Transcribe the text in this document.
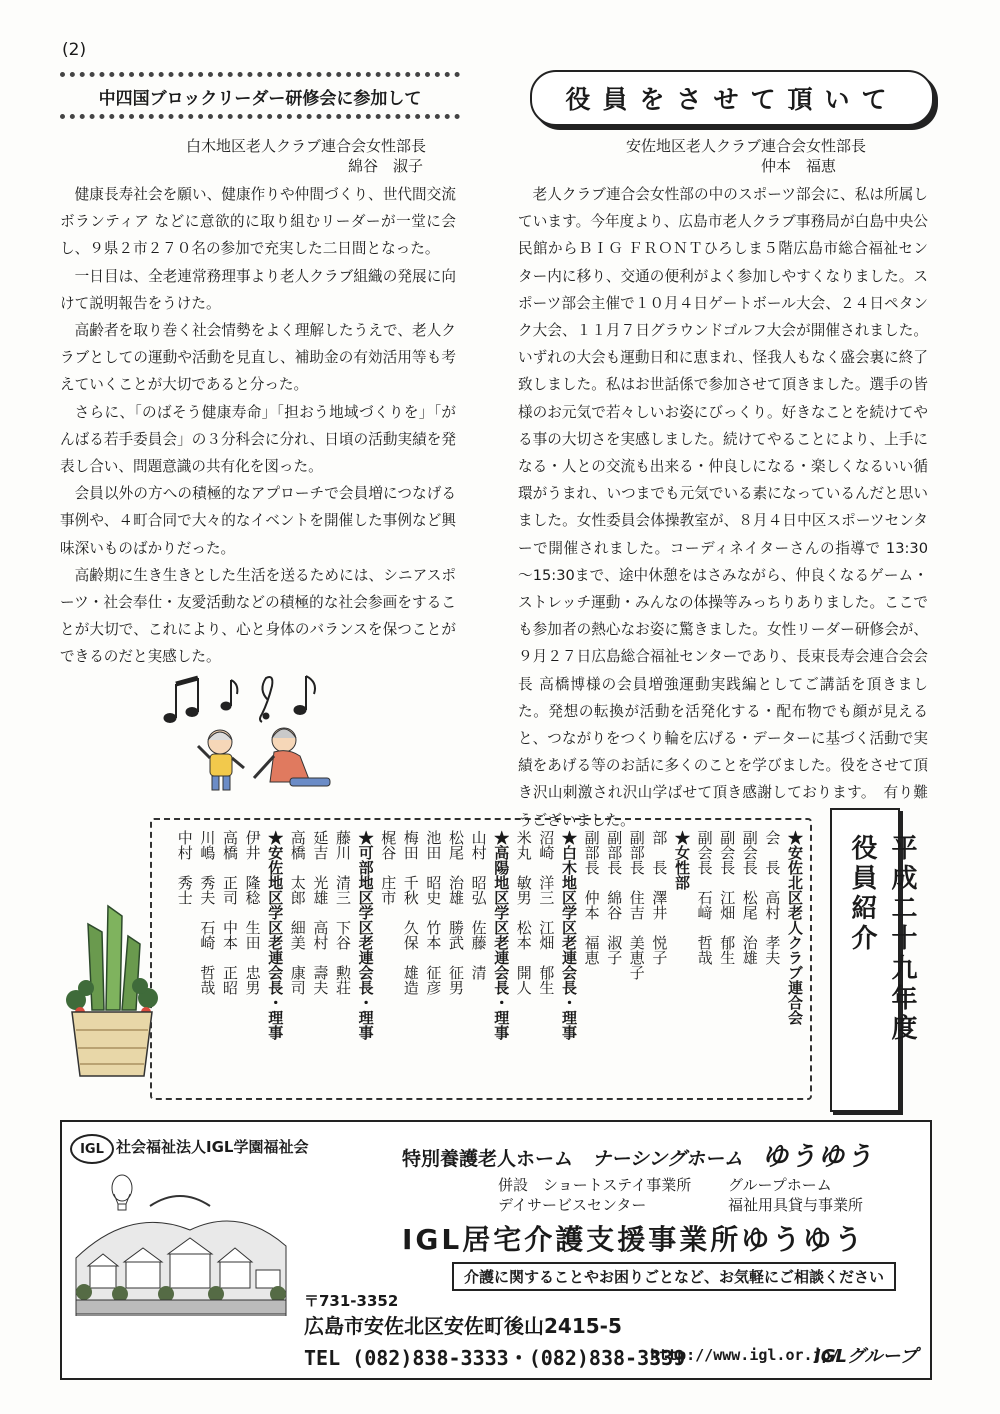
(2)
中四国ブロックリーダー研修会に参加して
白木地区老人クラブ連合会女性部長
綿谷　淑子

健康長寿社会を願い、健康作りや仲間づくり、世代間交流ボランティア などに意欲的に取り組むリーダーが一堂に会し、９県２市２７０名の参加で充実した二日間となった。

一日目は、全老連常務理事より老人クラブ組織の発展に向けて説明報告をうけた。

高齢者を取り巻く社会情勢をよく理解したうえで、老人クラブとしての運動や活動を見直し、補助金の有効活用等も考えていくことが大切であると分った。

さらに、「のばそう健康寿命」「担おう地域づくりを」「がんばる若手委員会」の３分科会に分れ、日頃の活動実績を発表し合い、問題意識の共有化を図った。

会員以外の方への積極的なアプローチで会員増につなげる事例や、４町合同で大々的なイベントを開催した事例など興味深いものばかりだった。

高齢期に生き生きとした生活を送るためには、シニアスポーツ・社会奉仕・友愛活動などの積極的な社会参画をすることが大切で、これにより、心と身体のバランスを保つことができるのだと実感した。

役員をさせて頂いて
安佐地区老人クラブ連合会女性部長
仲本　福恵

老人クラブ連合会女性部の中のスポーツ部会に、私は所属しています。今年度より、広島市老人クラブ事務局が白島中央公民館からＢＩＧ ＦＲＯＮＴひろしま５階広島市総合福祉センター内に移り、交通の便利がよく参加しやすくなりました。スポーツ部会主催で１０月４日ゲートボール大会、２４日ペタンク大会、１１月７日グラウンドゴルフ大会が開催されました。いずれの大会も運動日和に恵まれ、怪我人もなく盛会裏に終了致しました。私はお世話係で参加させて頂きました。選手の皆様のお元気で若々しいお姿にびっくり。好きなことを続けてやる事の大切さを実感しました。続けてやることにより、上手になる・人との交流も出来る・仲良しになる・楽しくなるいい循環がうまれ、いつまでも元気でいる素になっているんだと思いました。女性委員会体操教室が、８月４日中区スポーツセンターで開催されました。コーディネイターさんの指導で 13:30～15:30まで、途中休憩をはさみながら、仲良くなるゲーム・ストレッチ運動・みんなの体操等みっちりありました。ここでも参加者の熱心なお姿に驚きました。女性リーダー研修会が、９月２７日広島総合福祉センターであり、長束長寿会連合会会長 高橋博様の会員増強運動実践編としてご講話を頂きました。発想の転換が活動を活発化する・配布物でも顔が見えると、つながりをつくり輪を広げる・データーに基づく活動で実績をあげる等のお話に多くのことを学びました。役をさせて頂き沢山刺激され沢山学ばせて頂き感謝しております。　有り難うございました。

★安佐北区老人クラブ連合会
会　長　高村　孝夫
副会長　松尾　治雄
副会長　江畑　郁生
副会長　石﨑　哲哉
★女性部
部　長　澤井　悦子
副部長　住吉　美恵子
副部長　綿谷　淑子
副部長　仲本　福恵
★白木地区学区老連会長・理事
沼崎　洋三　江畑　郁生
米丸　敏男　松本　開人
★高陽地区学区老連会長・理事
山村　昭弘　佐藤　清
松尾　治雄　勝武　征男
池田　昭史　竹本　征彦
梅田　千秋　久保　雄造
梶谷　庄市
★可部地区学区老連会長・理事
藤川　清三　下谷　勲荘
延吉　光雄　高村　壽夫
高橋　太郎　細美　康司
★安佐地区学区老連会長・理事
伊井　隆稔　生田　忠男
高橋　正司　中本　正昭
川嶋　秀夫　石崎　哲哉
中村　秀士	平成二十九年度
役員紹介
IGL 社会福祉法人IGL学園福祉会
特別養護老人ホーム ナーシングホーム ゆうゆう
併設　ショートステイ事業所 グループホーム
デイサービスセンター	福祉用具貸与事業所
IGL居宅介護支援事業所ゆうゆう
介護に関することやお困りごとなど、お気軽にご相談ください
〒731-3352
広島市安佐北区安佐町後山2415-5
TEL (082)838-3333・(082)838-3339
http://www.igl.or.jp/
IGLグループ
